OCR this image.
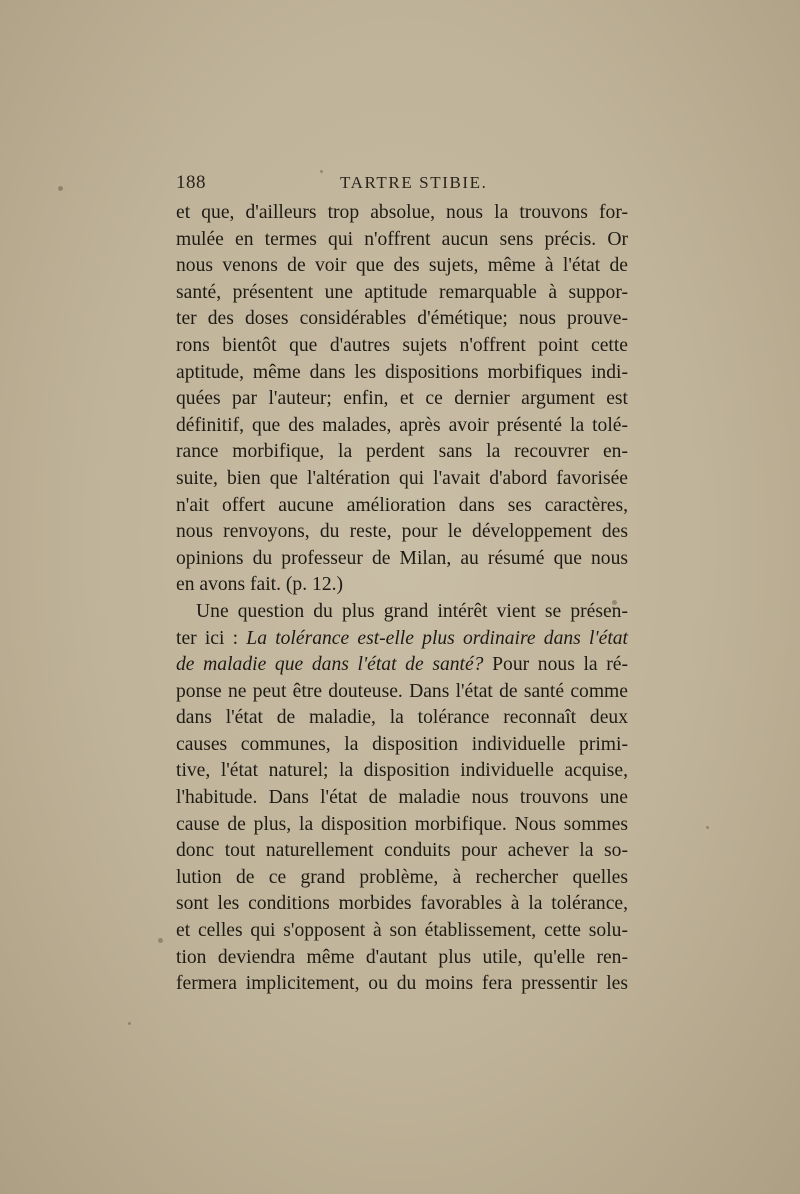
188	TARTRE STIBIE.
et que, d'ailleurs trop absolue, nous la trouvons for-
mulée en termes qui n'offrent aucun sens précis. Or
nous venons de voir que des sujets, même à l'état de
santé, présentent une aptitude remarquable à suppor-
ter des doses considérables d'émétique; nous prouve-
rons bientôt que d'autres sujets n'offrent point cette
aptitude, même dans les dispositions morbifiques indi-
quées par l'auteur; enfin, et ce dernier argument est
définitif, que des malades, après avoir présenté la tolé-
rance morbifique, la perdent sans la recouvrer en-
suite, bien que l'altération qui l'avait d'abord favorisée
n'ait offert aucune amélioration dans ses caractères,
nous renvoyons, du reste, pour le développement des
opinions du professeur de Milan, au résumé que nous
en avons fait. (p. 12.)
Une question du plus grand intérêt vient se présen-
ter ici : La tolérance est-elle plus ordinaire dans l'état
de maladie que dans l'état de santé? Pour nous la ré-
ponse ne peut être douteuse. Dans l'état de santé comme
dans l'état de maladie, la tolérance reconnaît deux
causes communes, la disposition individuelle primi-
tive, l'état naturel; la disposition individuelle acquise,
l'habitude. Dans l'état de maladie nous trouvons une
cause de plus, la disposition morbifique. Nous sommes
donc tout naturellement conduits pour achever la so-
lution de ce grand problème, à rechercher quelles
sont les conditions morbides favorables à la tolérance,
et celles qui s'opposent à son établissement, cette solu-
tion deviendra même d'autant plus utile, qu'elle ren-
fermera implicitement, ou du moins fera pressentir les
